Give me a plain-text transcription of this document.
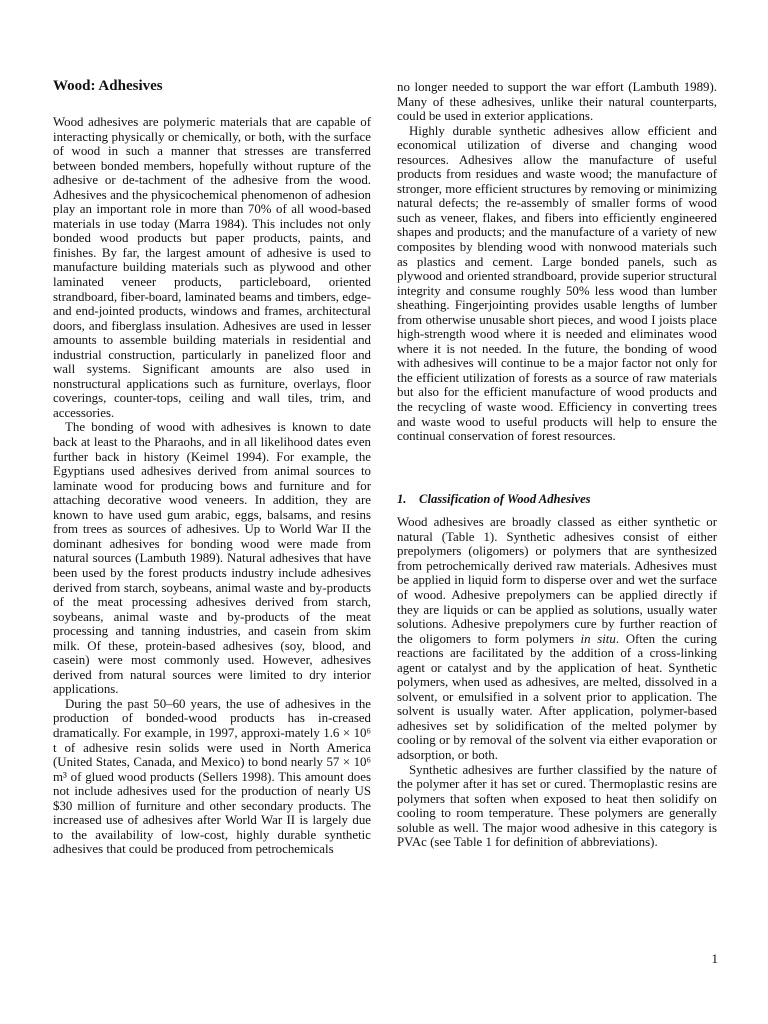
Wood: Adhesives

Wood adhesives are polymeric materials that are capable of interacting physically or chemically, or both, with the surface of wood in such a manner that stresses are transferred between bonded members, hopefully without rupture of the adhesive or de-tachment of the adhesive from the wood. Adhesives and the physicochemical phenomenon of adhesion play an important role in more than 70% of all wood-based materials in use today (Marra 1984). This includes not only bonded wood products but paper products, paints, and finishes. By far, the largest amount of adhesive is used to manufacture building materials such as plywood and other laminated veneer products, particleboard, oriented strandboard, fiber-board, laminated beams and timbers, edge- and end-jointed products, windows and frames, architectural doors, and fiberglass insulation. Adhesives are used in lesser amounts to assemble building materials in residential and industrial construction, particularly in panelized floor and wall systems. Significant amounts are also used in nonstructural applications such as furniture, overlays, floor coverings, counter-tops, ceiling and wall tiles, trim, and accessories.

The bonding of wood with adhesives is known to date back at least to the Pharaohs, and in all likelihood dates even further back in history (Keimel 1994). For example, the Egyptians used adhesives derived from animal sources to laminate wood for producing bows and furniture and for attaching decorative wood veneers. In addition, they are known to have used gum arabic, eggs, balsams, and resins from trees as sources of adhesives. Up to World War II the dominant adhesives for bonding wood were made from natural sources (Lambuth 1989). Natural adhesives that have been used by the forest products industry include adhesives derived from starch, soybeans, animal waste and by-products of the meat processing adhesives derived from starch, soybeans, animal waste and by-products of the meat processing and tanning industries, and casein from skim milk. Of these, protein-based adhesives (soy, blood, and casein) were most commonly used. However, adhesives derived from natural sources were limited to dry interior applications.

During the past 50–60 years, the use of adhesives in the production of bonded-wood products has in-creased dramatically. For example, in 1997, approxi-mately 1.6 × 10⁶ t of adhesive resin solids were used in North America (United States, Canada, and Mexico) to bond nearly 57 × 10⁶ m³ of glued wood products (Sellers 1998). This amount does not include adhesives used for the production of nearly US $30 million of furniture and other secondary products. The increased use of adhesives after World War II is largely due to the availability of low-cost, highly durable synthetic adhesives that could be produced from petrochemicals

no longer needed to support the war effort (Lambuth 1989). Many of these adhesives, unlike their natural counterparts, could be used in exterior applications.

Highly durable synthetic adhesives allow efficient and economical utilization of diverse and changing wood resources. Adhesives allow the manufacture of useful products from residues and waste wood; the manufacture of stronger, more efficient structures by removing or minimizing natural defects; the re-assembly of smaller forms of wood such as veneer, flakes, and fibers into efficiently engineered shapes and products; and the manufacture of a variety of new composites by blending wood with nonwood materials such as plastics and cement. Large bonded panels, such as plywood and oriented strandboard, provide superior structural integrity and consume roughly 50% less wood than lumber sheathing. Fingerjointing provides usable lengths of lumber from otherwise unusable short pieces, and wood I joists place high-strength wood where it is needed and eliminates wood where it is not needed. In the future, the bonding of wood with adhesives will continue to be a major factor not only for the efficient utilization of forests as a source of raw materials but also for the efficient manufacture of wood products and the recycling of waste wood. Efficiency in converting trees and waste wood to useful products will help to ensure the continual conservation of forest resources.

1. Classification of Wood Adhesives

Wood adhesives are broadly classed as either synthetic or natural (Table 1). Synthetic adhesives consist of either prepolymers (oligomers) or polymers that are synthesized from petrochemically derived raw materials. Adhesives must be applied in liquid form to disperse over and wet the surface of wood. Adhesive prepolymers can be applied directly if they are liquids or can be applied as solutions, usually water solutions. Adhesive prepolymers cure by further reaction of the oligomers to form polymers in situ. Often the curing reactions are facilitated by the addition of a cross-linking agent or catalyst and by the application of heat. Synthetic polymers, when used as adhesives, are melted, dissolved in a solvent, or emulsified in a solvent prior to application. The solvent is usually water. After application, polymer-based adhesives set by solidification of the melted polymer by cooling or by removal of the solvent via either evaporation or adsorption, or both.

Synthetic adhesives are further classified by the nature of the polymer after it has set or cured. Thermoplastic resins are polymers that soften when exposed to heat then solidify on cooling to room temperature. These polymers are generally soluble as well. The major wood adhesive in this category is PVAc (see Table 1 for definition of abbreviations).

1
